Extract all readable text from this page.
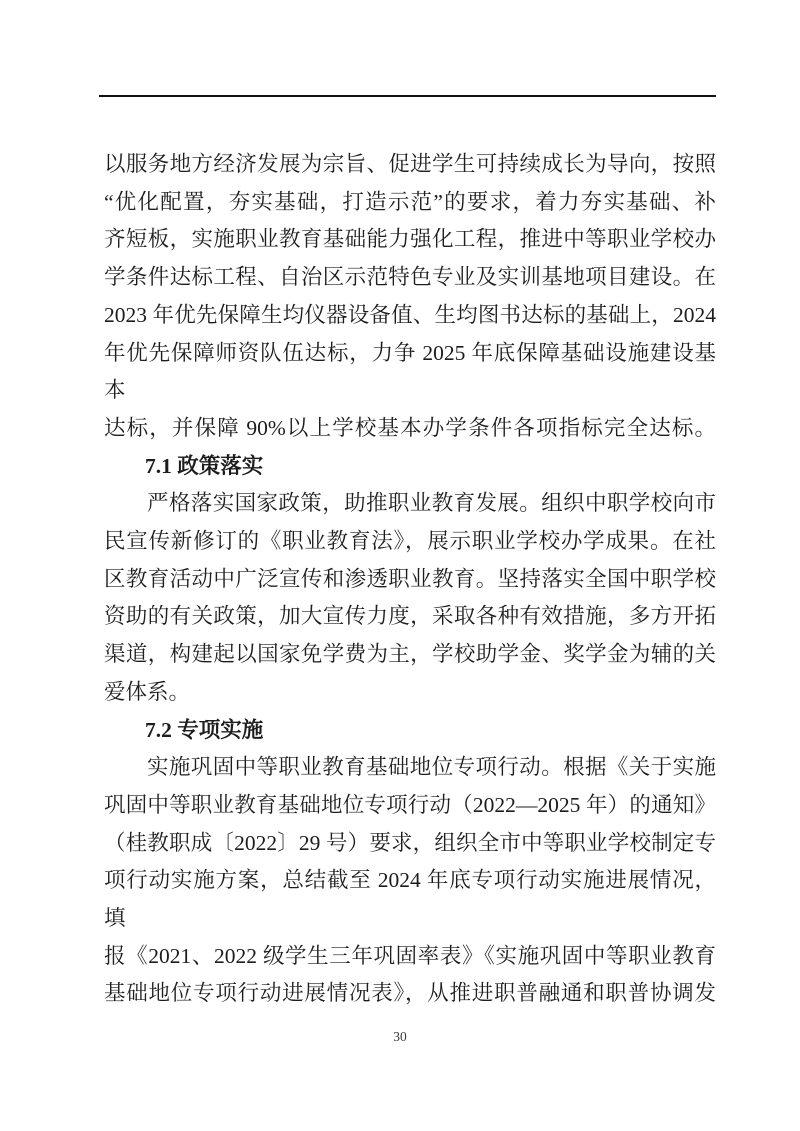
以服务地方经济发展为宗旨、促进学生可持续成长为导向，按照
“优化配置，夯实基础，打造示范”的要求，着力夯实基础、补
齐短板，实施职业教育基础能力强化工程，推进中等职业学校办
学条件达标工程、自治区示范特色专业及实训基地项目建设。在
2023 年优先保障生均仪器设备值、生均图书达标的基础上，2024
年优先保障师资队伍达标，力争 2025 年底保障基础设施建设基本
达标，并保障 90%以上学校基本办学条件各项指标完全达标。
7.1 政策落实
严格落实国家政策，助推职业教育发展。组织中职学校向市
民宣传新修订的《职业教育法》，展示职业学校办学成果。在社
区教育活动中广泛宣传和渗透职业教育。坚持落实全国中职学校
资助的有关政策，加大宣传力度，采取各种有效措施，多方开拓
渠道，构建起以国家免学费为主，学校助学金、奖学金为辅的关
爱体系。
7.2 专项实施
实施巩固中等职业教育基础地位专项行动。根据《关于实施
巩固中等职业教育基础地位专项行动（2022—2025 年）的通知》
（桂教职成〔2022〕29 号）要求，组织全市中等职业学校制定专
项行动实施方案，总结截至 2024 年底专项行动实施进展情况，填
报《2021、2022 级学生三年巩固率表》《实施巩固中等职业教育
基础地位专项行动进展情况表》，从推进职普融通和职普协调发
30
